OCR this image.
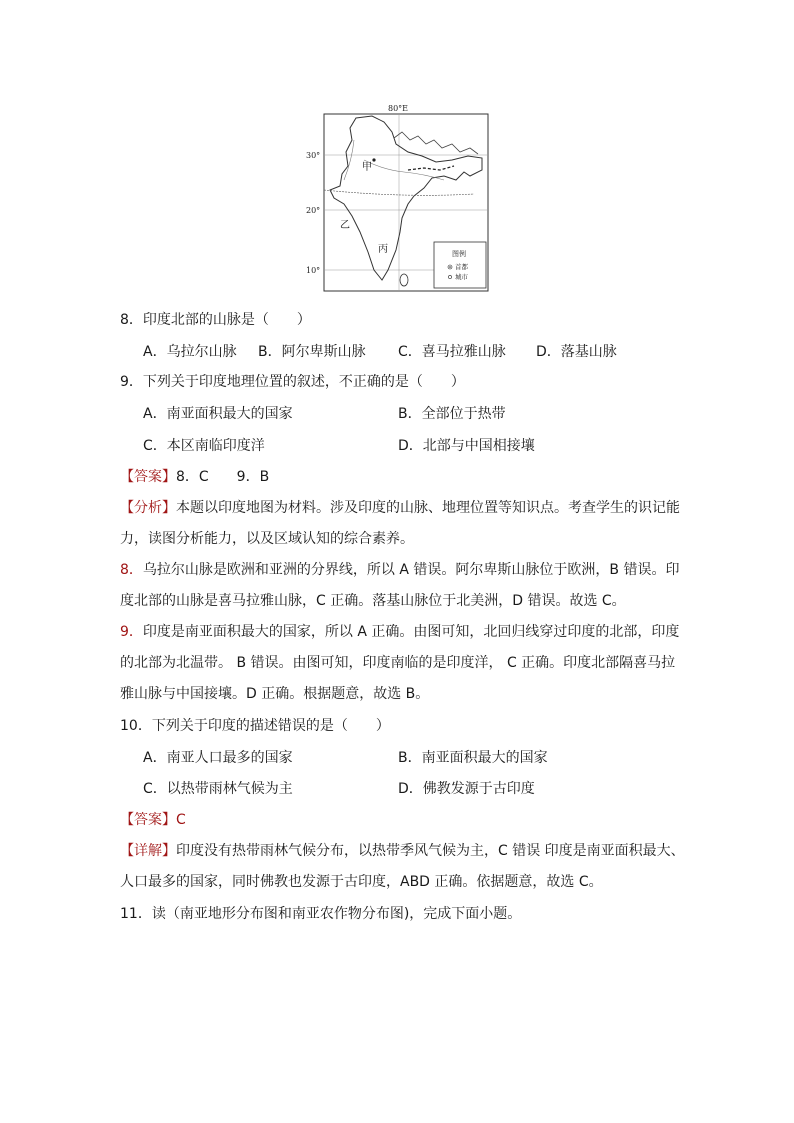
80°E
30°
20°
10°
甲
乙
丙	图例
首都
城市
8．印度北部的山脉是（　　）
A．乌拉尔山脉 B．阿尔卑斯山脉 C．喜马拉雅山脉 D．落基山脉
9．下列关于印度地理位置的叙述，不正确的是（　　）
A．南亚面积最大的国家	B．全部位于热带
C．本区南临印度洋	D．北部与中国相接壤
【答案】8．C　　9．B
【分析】本题以印度地图为材料。涉及印度的山脉、地理位置等知识点。考查学生的识记能
力，读图分析能力，以及区域认知的综合素养。
8．乌拉尔山脉是欧洲和亚洲的分界线，所以 A 错误。阿尔卑斯山脉位于欧洲，B 错误。印
度北部的山脉是喜马拉雅山脉，C 正确。落基山脉位于北美洲，D 错误。故选 C。
9．印度是南亚面积最大的国家，所以 A 正确。由图可知，北回归线穿过印度的北部，印度
的北部为北温带。 B 错误。由图可知，印度南临的是印度洋， C 正确。印度北部隔喜马拉
雅山脉与中国接壤。D 正确。根据题意，故选 B。
10．下列关于印度的描述错误的是（　　）
A．南亚人口最多的国家	B．南亚面积最大的国家
C．以热带雨林气候为主	D．佛教发源于古印度
【答案】C
【详解】印度没有热带雨林气候分布，以热带季风气候为主，C 错误 印度是南亚面积最大、
人口最多的国家，同时佛教也发源于古印度，ABD 正确。依据题意，故选 C。
11．读（南亚地形分布图和南亚农作物分布图)，完成下面小题。
